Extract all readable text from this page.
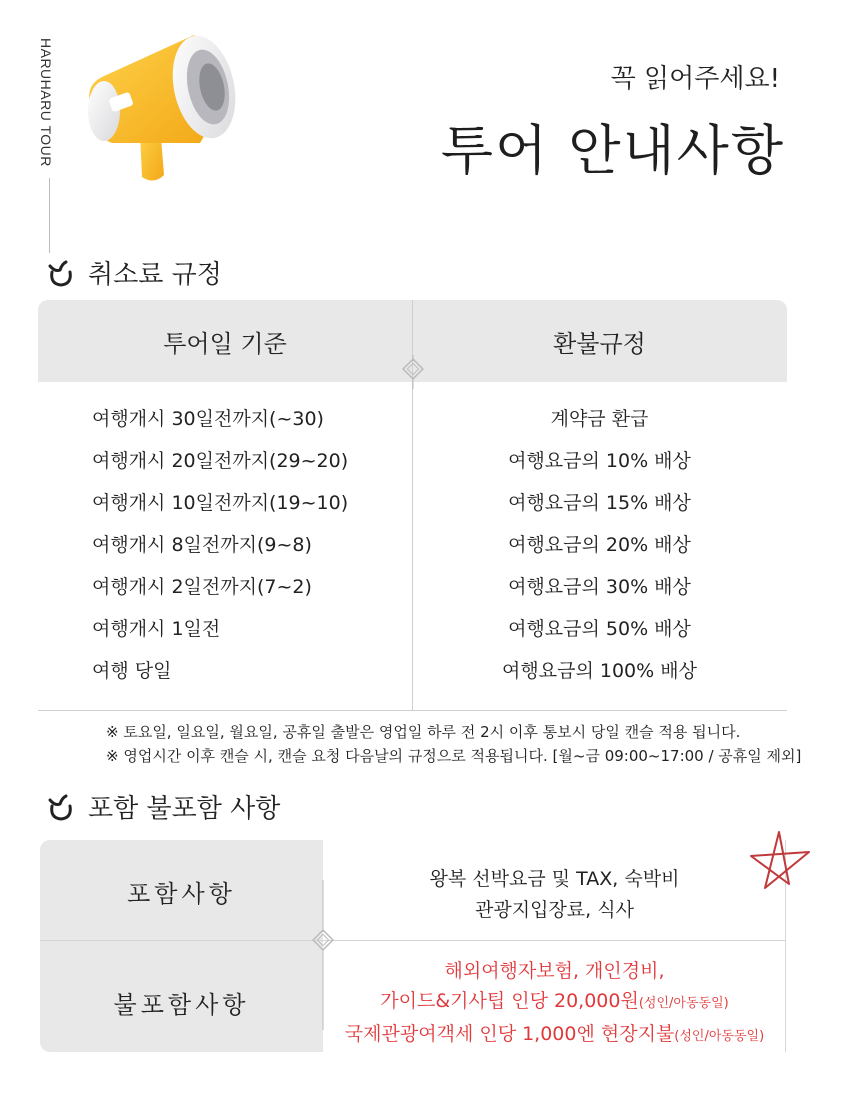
HARUHARU TOUR	꼭 읽어주세요!
투어 안내사항
취소료 규정
투어일 기준	환불규정
여행개시 30일전까지(~30)	계약금 환급
여행개시 20일전까지(29~20)	여행요금의 10% 배상
여행개시 10일전까지(19~10)	여행요금의 15% 배상
여행개시 8일전까지(9~8)	여행요금의 20% 배상
여행개시 2일전까지(7~2)	여행요금의 30% 배상
여행개시 1일전	여행요금의 50% 배상
여행 당일	여행요금의 100% 배상
※ 토요일, 일요일, 월요일, 공휴일 출발은 영업일 하루 전 2시 이후 통보시 당일 캔슬 적용 됩니다.
※ 영업시간 이후 캔슬 시, 캔슬 요청 다음날의 규정으로 적용됩니다. [월~금 09:00~17:00 / 공휴일 제외]
포함 불포함 사항
포함사항
왕복 선박요금 및 TAX, 숙박비
관광지입장료, 식사
불포함사항
해외여행자보험, 개인경비,
가이드&기사팁 인당 20,000원(성인/아동동일)
국제관광여객세 인당 1,000엔 현장지불(성인/아동동일)
